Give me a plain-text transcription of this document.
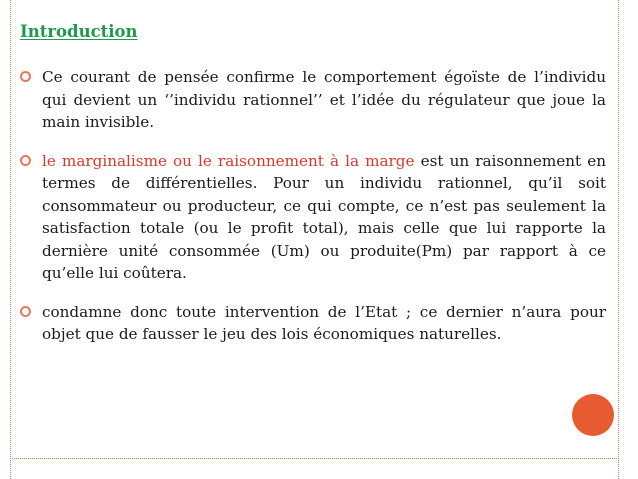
Introduction
Ce courant de pensée confirme le comportement égoïste de l’individu qui devient un ‘’individu rationnel’’ et l’idée du régulateur que joue la main invisible.
le marginalisme ou le raisonnement à la marge est un raisonnement en termes de différentielles. Pour un individu rationnel, qu’il soit consommateur ou producteur, ce qui compte, ce n’est pas seulement la satisfaction totale (ou le profit total), mais celle que lui rapporte la dernière unité consommée (Um) ou produite(Pm) par rapport à ce qu’elle lui coûtera.
condamne donc toute intervention de l’Etat ; ce dernier n’aura pour objet que de fausser le jeu des lois économiques naturelles.
